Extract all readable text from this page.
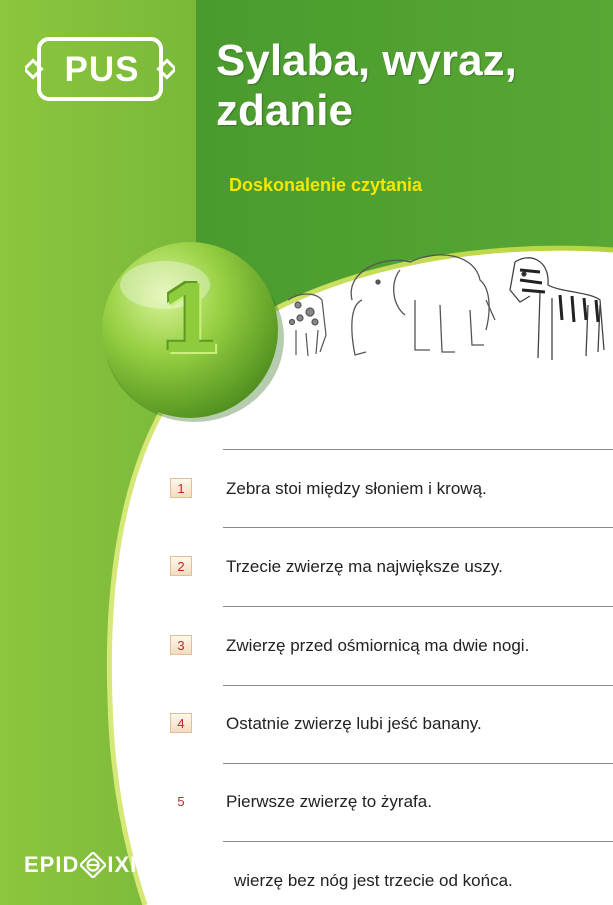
PUS	Sylaba, wyraz,
zdanie
Doskonalenie czytania
1
1	Zebra stoi między słoniem i krową.
2	Trzecie zwierzę ma największe uszy.
3	Zwierzę przed ośmiornicą ma dwie nogi.
4	Ostatnie zwierzę lubi jeść banany.
5	Pierwsze zwierzę to żyrafa.
wierzę bez nóg jest trzecie od końca.
EPID IXIS ®
